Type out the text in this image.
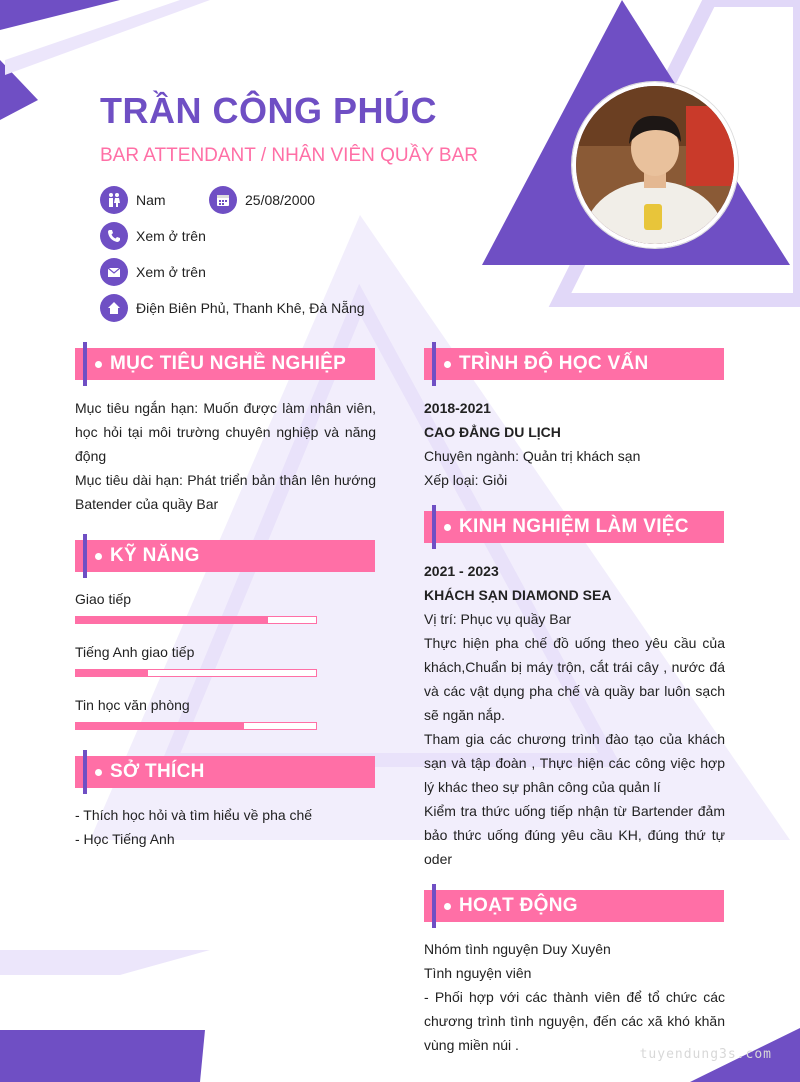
TRẦN CÔNG PHÚC
BAR ATTENDANT / NHÂN VIÊN QUẦY BAR
Nam	25/08/2000
Xem ở trên
Xem ở trên
Điện Biên Phủ, Thanh Khê, Đà Nẵng
MỤC TIÊU NGHỀ NGHIỆP

Mục tiêu ngắn hạn: Muốn được làm nhân viên, học hỏi tại môi trường chuyên nghiệp và năng động

Mục tiêu dài hạn: Phát triển bản thân lên hướng Batender của quầy Bar

KỸ NĂNG
Giao tiếp
Tiếng Anh giao tiếp
Tin học văn phòng
SỞ THÍCH

- Thích học hỏi và tìm hiểu về pha chế

- Học Tiếng Anh

TRÌNH ĐỘ HỌC VẤN

2018-2021

CAO ĐẲNG DU LỊCH

Chuyên ngành: Quản trị khách sạn

Xếp loại: Giỏi

KINH NGHIỆM LÀM VIỆC

2021 - 2023

KHÁCH SẠN DIAMOND SEA

Vị trí: Phục vụ quầy Bar

Thực hiện pha chế đồ uống theo yêu cầu của khách,Chuẩn bị máy trộn, cắt trái cây , nước đá và các vật dụng pha chế và quầy bar luôn sạch sẽ ngăn nắp.

Tham gia các chương trình đào tạo của khách sạn và tập đoàn , Thực hiện các công việc hợp lý khác theo sự phân công của quản lí

Kiểm tra thức uống tiếp nhận từ Bartender đảm bảo thức uống đúng yêu cầu KH, đúng thứ tự oder

HOẠT ĐỘNG

Nhóm tình nguyện Duy Xuyên

Tình nguyện viên

- Phối hợp với các thành viên để tổ chức các chương trình tình nguyện, đến các xã khó khăn vùng miền núi .

tuyendung3s.com
